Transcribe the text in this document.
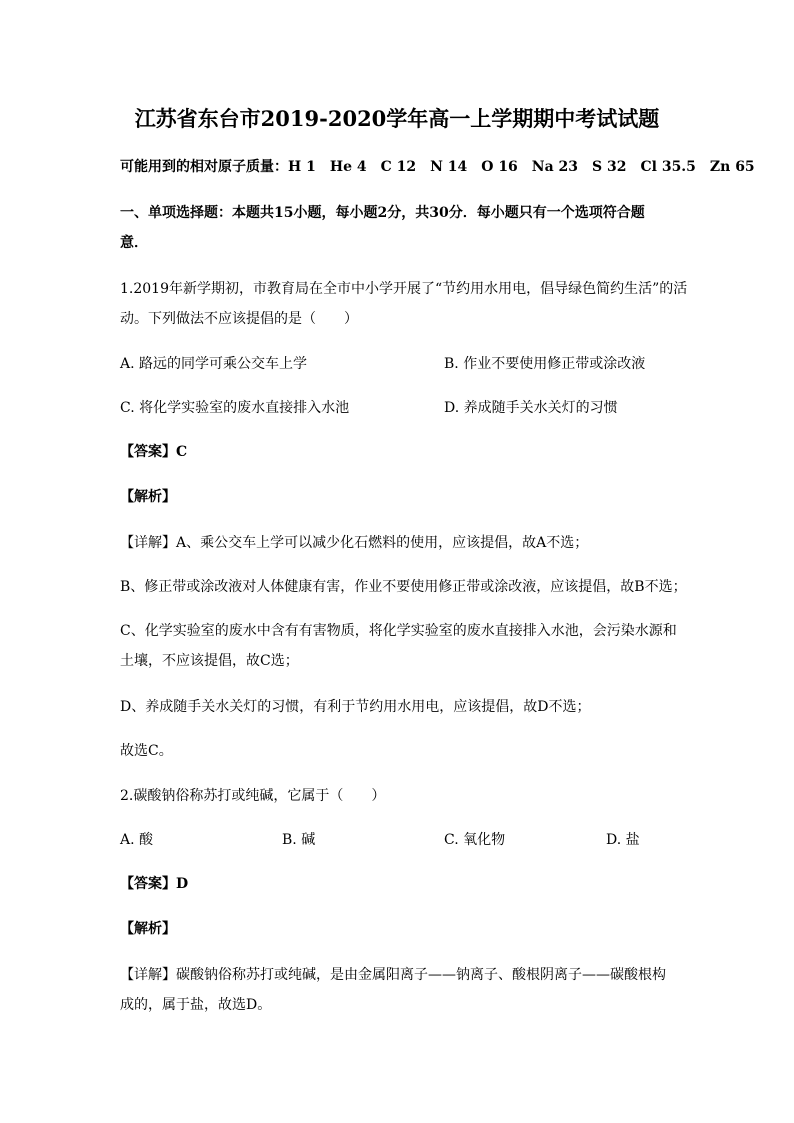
江苏省东台市2019-2020学年高一上学期期中考试试题
可能用到的相对原子质量：H 1　He 4　C 12　N 14　O 16　Na 23　S 32　Cl 35.5　Zn 65
一、单项选择题：本题共15小题，每小题2分，共30分．每小题只有一个选项符合题
意．
1.2019年新学期初，市教育局在全市中小学开展了“节约用水用电，倡导绿色简约生活”的活
动。下列做法不应该提倡的是（　　）
A. 路远的同学可乘公交车上学	B. 作业不要使用修正带或涂改液
C. 将化学实验室的废水直接排入水池	D. 养成随手关水关灯的习惯
【答案】C
【解析】
【详解】A、乘公交车上学可以减少化石燃料的使用，应该提倡，故A不选；
B、修正带或涂改液对人体健康有害，作业不要使用修正带或涂改液，应该提倡，故B不选；
C、化学实验室的废水中含有有害物质，将化学实验室的废水直接排入水池，会污染水源和
土壤，不应该提倡，故C选；
D、养成随手关水关灯的习惯，有利于节约用水用电，应该提倡，故D不选；
故选C。
2.碳酸钠俗称苏打或纯碱，它属于（　　）
A. 酸	B. 碱	C. 氧化物	D. 盐
【答案】D
【解析】
【详解】碳酸钠俗称苏打或纯碱，是由金属阳离子——钠离子、酸根阴离子——碳酸根构
成的，属于盐，故选D。
